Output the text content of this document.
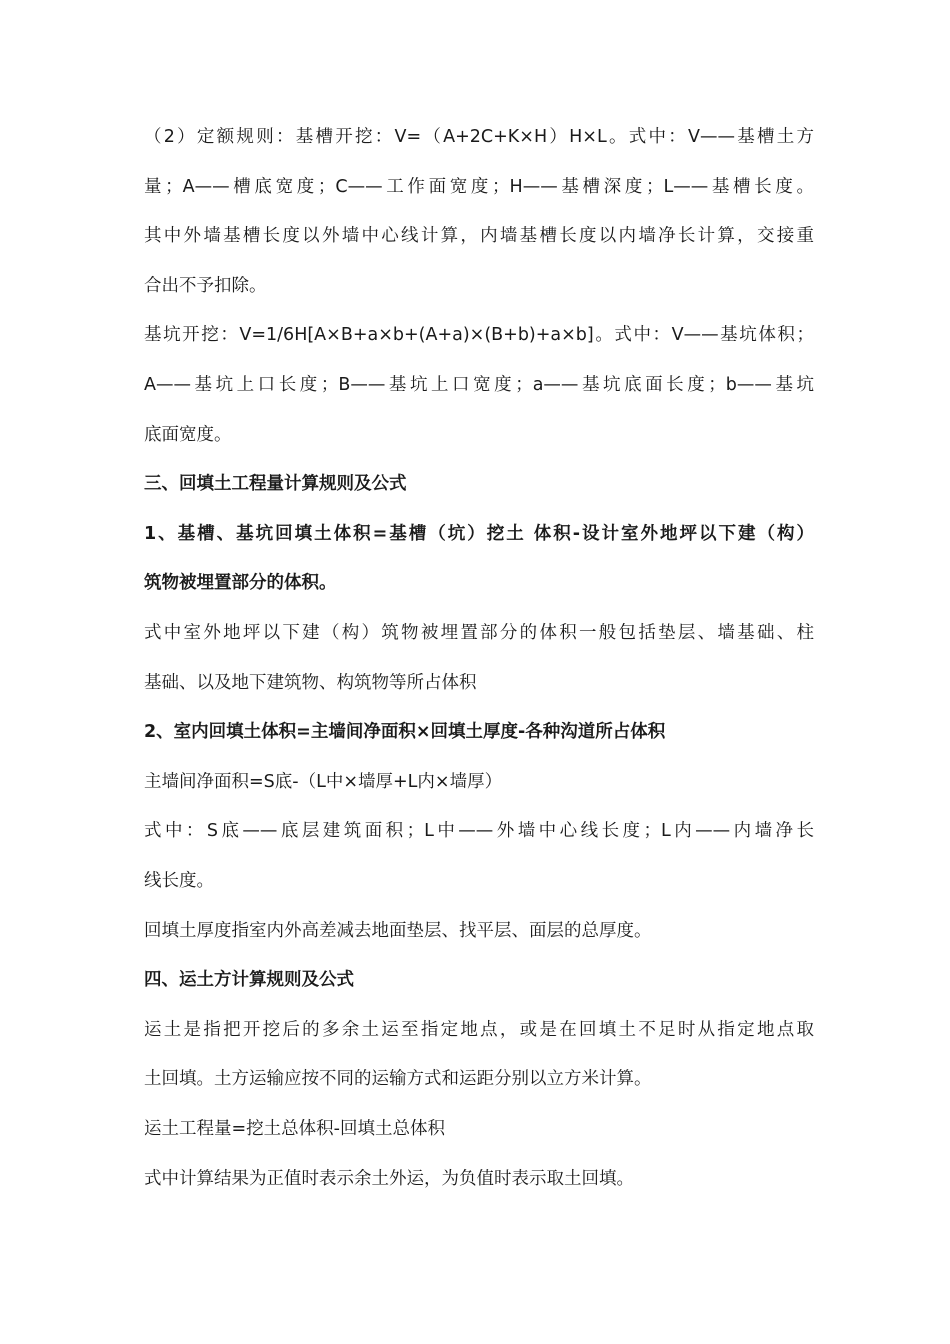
（2）定额规则：基槽开挖：V=（A+2C+K×H）H×L。式中：V——基槽土方
量；A——槽底宽度；C——工作面宽度；H——基槽深度；L——基槽长度。
其中外墙基槽长度以外墙中心线计算，内墙基槽长度以内墙净长计算，交接重
合出不予扣除。
基坑开挖：V=1/6H[A×B+a×b+(A+a)×(B+b)+a×b]。式中：V——基坑体积；
A——基坑上口长度；B——基坑上口宽度；a——基坑底面长度；b——基坑
底面宽度。
三、回填土工程量计算规则及公式
1、基槽、基坑回填土体积=基槽（坑）挖土 体积-设计室外地坪以下建（构）
筑物被埋置部分的体积。
式中室外地坪以下建（构）筑物被埋置部分的体积一般包括垫层、墙基础、柱
基础、以及地下建筑物、构筑物等所占体积
2、室内回填土体积=主墙间净面积×回填土厚度-各种沟道所占体积
主墙间净面积=S底-（L中×墙厚+L内×墙厚）
式中：S底——底层建筑面积；L中——外墙中心线长度；L内——内墙净长
线长度。
回填土厚度指室内外高差减去地面垫层、找平层、面层的总厚度。
四、运土方计算规则及公式
运土是指把开挖后的多余土运至指定地点，或是在回填土不足时从指定地点取
土回填。土方运输应按不同的运输方式和运距分别以立方米计算。
运土工程量=挖土总体积-回填土总体积
式中计算结果为正值时表示余土外运，为负值时表示取土回填。
